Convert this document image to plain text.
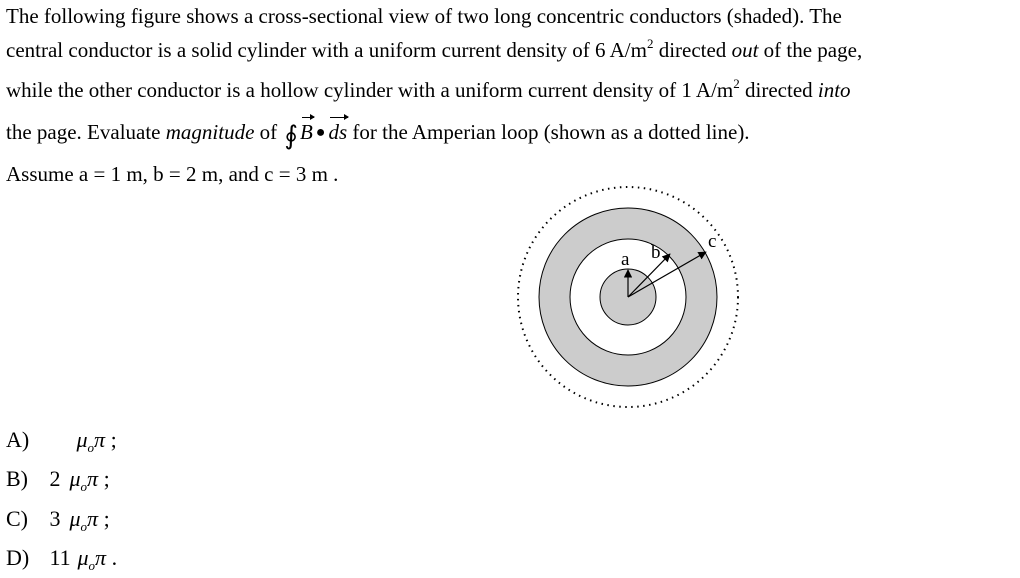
The following figure shows a cross-sectional view of two long concentric conductors (shaded). The
central conductor is a solid cylinder with a uniform current density of 6 $A/m^2$ directed out of the page,
while the other conductor is a hollow cylinder with a uniform current density of 1 $A/m^2$ directed into
the page. Evaluate magnitude of ∮B ● ds for the Amperian loop (shown as a dotted line).
Assume a = 1 m, b = 2 m, and c = 3 m .
a b
c
A) $\mu_o\pi$ ;
B) 2 $\mu_o\pi$ ;
C) 3 $\mu_o\pi$ ;
D) 11 $\mu_o\pi$ .
